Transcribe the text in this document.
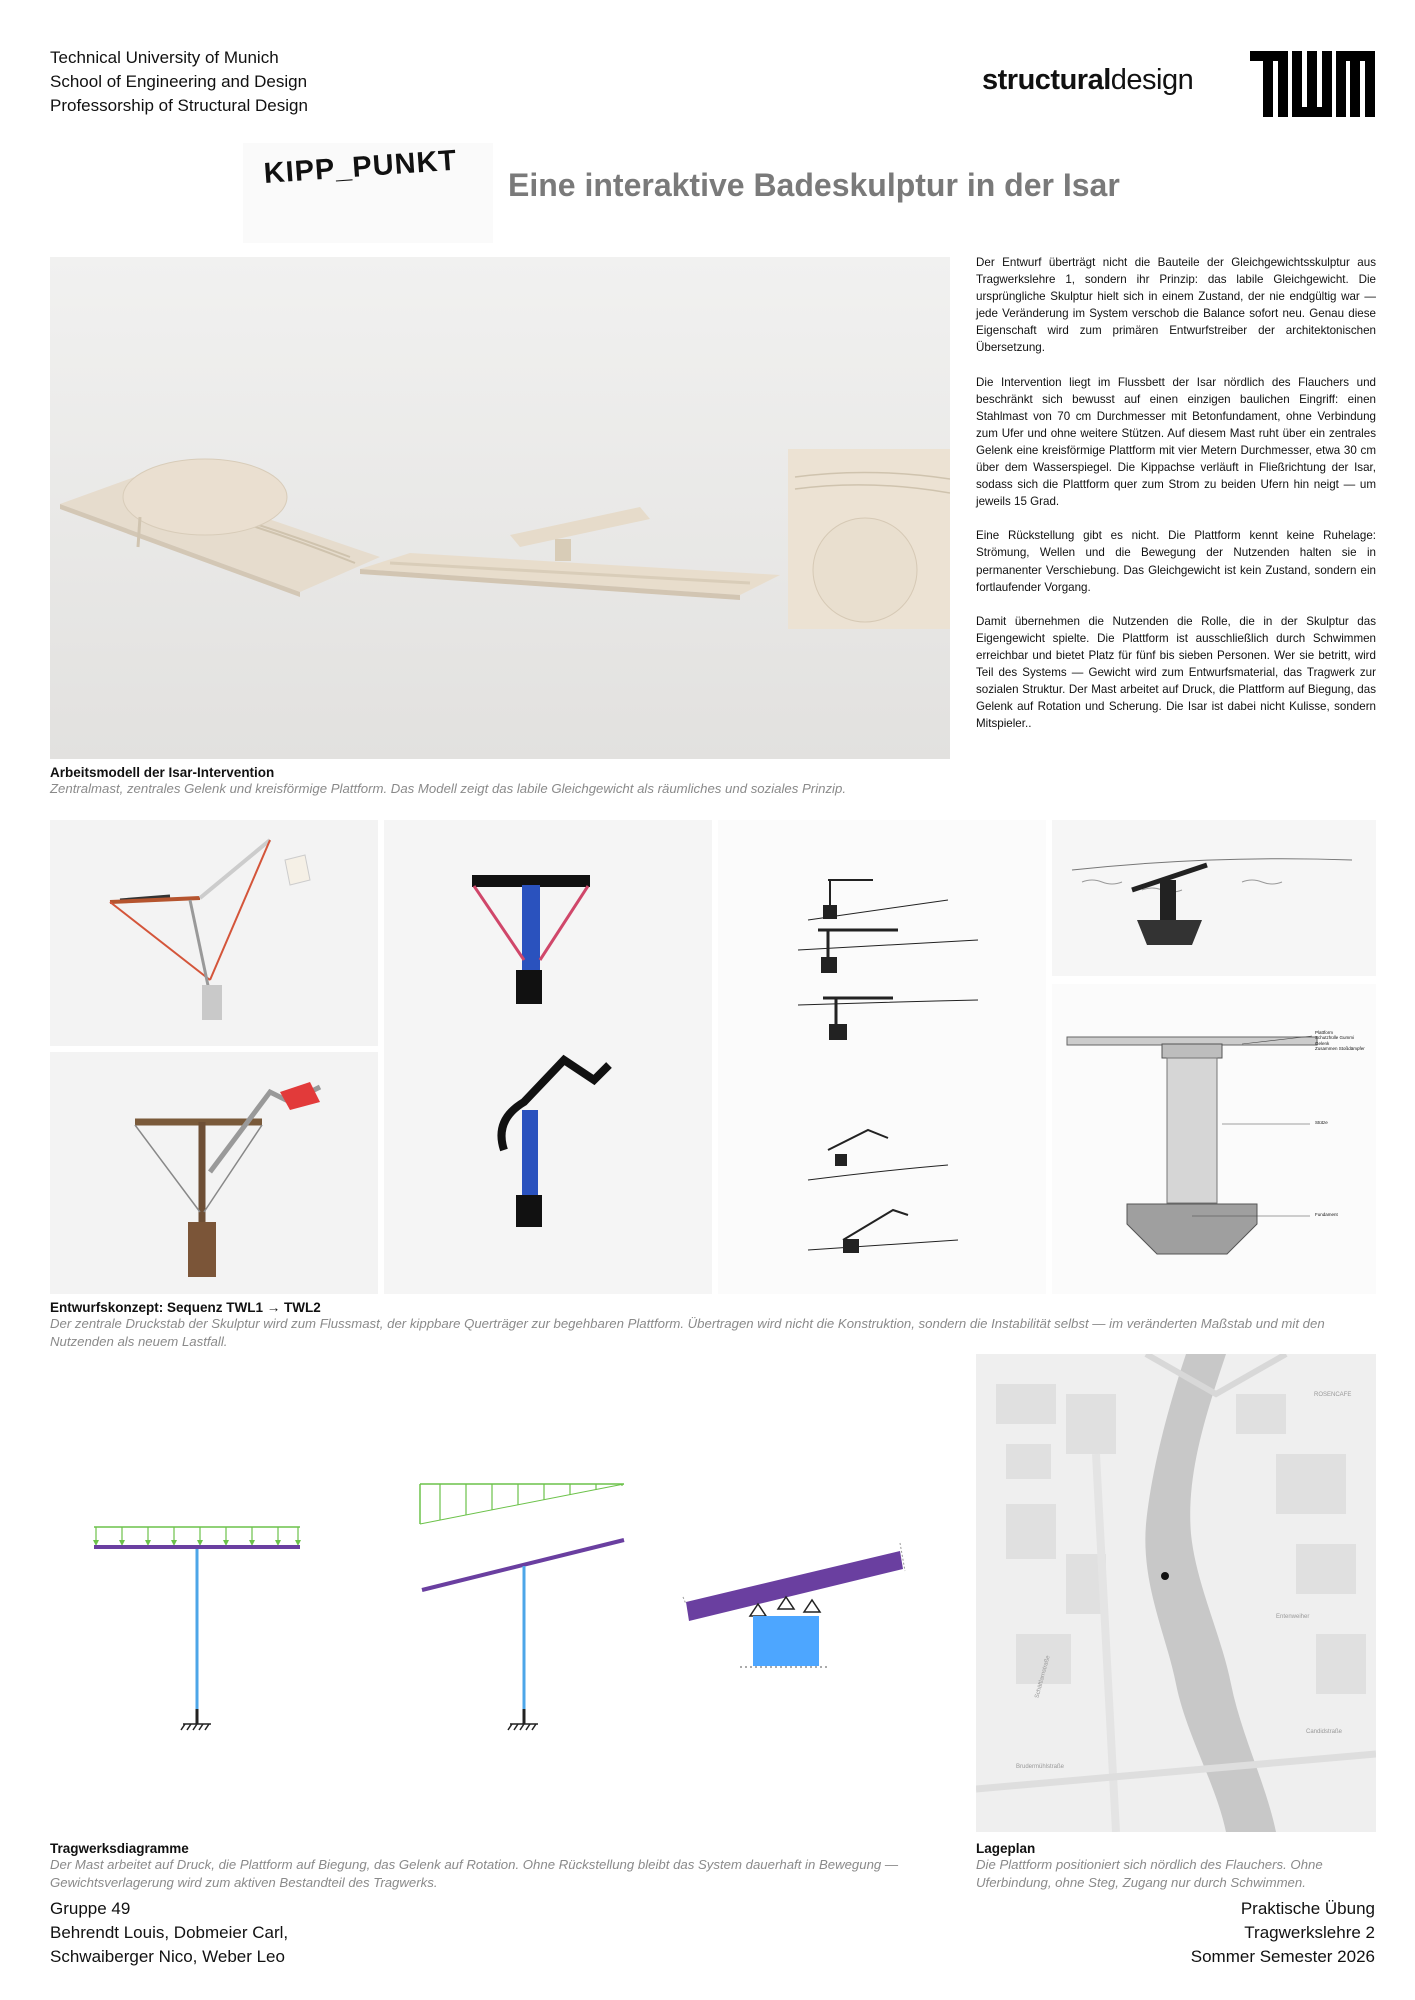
Technical University of Munich
School of Engineering and Design
Professorship of Structural Design
structuraldesign
KIPP_PUNKT Eine interaktive Badeskulptur in der Isar

Der Entwurf überträgt nicht die Bauteile der Gleichgewichtsskulptur aus Tragwerkslehre 1, sondern ihr Prinzip: das labile Gleichgewicht. Die ursprüngliche Skulptur hielt sich in einem Zustand, der nie endgültig war — jede Veränderung im System verschob die Balance sofort neu. Genau diese Eigenschaft wird zum primären Entwurfstreiber der architektonischen Übersetzung.

Die Intervention liegt im Flussbett der Isar nördlich des Flauchers und beschränkt sich bewusst auf einen einzigen baulichen Eingriff: einen Stahlmast von 70 cm Durchmesser mit Betonfundament, ohne Verbindung zum Ufer und ohne weitere Stützen. Auf diesem Mast ruht über ein zentrales Gelenk eine kreisförmige Plattform mit vier Metern Durchmesser, etwa 30 cm über dem Wasserspiegel. Die Kippachse verläuft in Fließrichtung der Isar, sodass sich die Plattform quer zum Strom zu beiden Ufern hin neigt — um jeweils 15 Grad.

Eine Rückstellung gibt es nicht. Die Plattform kennt keine Ruhelage: Strömung, Wellen und die Bewegung der Nutzenden halten sie in permanenter Verschiebung. Das Gleichgewicht ist kein Zustand, sondern ein fortlaufender Vorgang.

Damit übernehmen die Nutzenden die Rolle, die in der Skulptur das Eigengewicht spielte. Die Plattform ist ausschließlich durch Schwimmen erreichbar und bietet Platz für fünf bis sieben Personen. Wer sie betritt, wird Teil des Systems — Gewicht wird zum Entwurfsmaterial, das Tragwerk zur sozialen Struktur. Der Mast arbeitet auf Druck, die Plattform auf Biegung, das Gelenk auf Rotation und Scherung. Die Isar ist dabei nicht Kulisse, sondern Mitspieler..

Arbeitsmodell der Isar-Intervention
Zentralmast, zentrales Gelenk und kreisförmige Plattform. Das Modell zeigt das labile Gleichgewicht als räumliches und soziales Prinzip.
Plattform
Schutzhülle Gummi
Gelenk
Zusammen Stoßdämpfer
Stütze
Fundament
Entwurfskonzept: Sequenz TWL1 → TWL2
Der zentrale Druckstab der Skulptur wird zum Flussmast, der kippbare Querträger zur begehbaren Plattform. Übertragen wird nicht die Konstruktion, sondern die Instabilität selbst — im veränderten Maßstab und mit den Nutzenden als neuem Lastfall.
ROSENCAFE
Entenweiher
Candidstraße
Brudermühlstraße
Schäftlarnstraße
Tragwerksdiagramme
Der Mast arbeitet auf Druck, die Plattform auf Biegung, das Gelenk auf Rotation. Ohne Rückstellung bleibt das System dauerhaft in Bewegung — Gewichtsverlagerung wird zum aktiven Bestandteil des Tragwerks.
Lageplan
Die Plattform positioniert sich nördlich des Flauchers. Ohne Uferbindung, ohne Steg, Zugang nur durch Schwimmen.
Gruppe 49
Behrendt Louis, Dobmeier Carl,
Schwaiberger Nico, Weber Leo
Praktische Übung
Tragwerkslehre 2
Sommer Semester 2026
